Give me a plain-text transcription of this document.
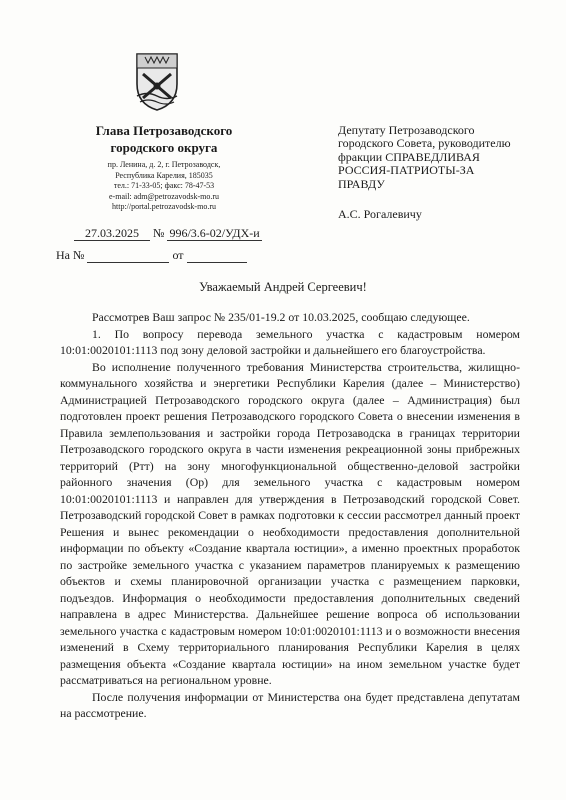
Глава Петрозаводского
городского округа
пр. Ленина, д. 2, г. Петрозаводск,
Республика Карелия, 185035
тел.: 71-33-05; факс: 78-47-53
e-mail: adm@petrozavodsk-mo.ru
http://portal.petrozavodsk-mo.ru
27.03.2025 № 996/3.6-02/УДХ-и
На №	от
Депутату Петрозаводского
городского Совета, руководителю
фракции СПРАВЕДЛИВАЯ
РОССИЯ-ПАТРИОТЫ-ЗА
ПРАВДУ
А.С. Рогалевичу
Уважаемый Андрей Сергеевич!

Рассмотрев Ваш запрос № 235/01-19.2 от 10.03.2025, сообщаю следующее.

1. По вопросу перевода земельного участка с кадастровым номером 10:01:0020101:1113 под зону деловой застройки и дальнейшего его благоустройства.

Во исполнение полученного требования Министерства строительства, жилищно-коммунального хозяйства и энергетики Республики Карелия (далее – Министерство) Администрацией Петрозаводского городского округа (далее – Администрация) был подготовлен проект решения Петрозаводского городского Совета о внесении изменения в Правила землепользования и застройки города Петрозаводска в границах территории Петрозаводского городского округа в части изменения рекреационной зоны прибрежных территорий (Ртт) на зону многофункциональной общественно-деловой застройки районного значения (Ор) для земельного участка с кадастровым номером 10:01:0020101:1113 и направлен для утверждения в Петрозаводский городской Совет. Петрозаводский городской Совет в рамках подготовки к сессии рассмотрел данный проект Решения и вынес рекомендации о необходимости предоставления дополнительной информации по объекту «Создание квартала юстиции», а именно проектных проработок по застройке земельного участка с указанием параметров планируемых к размещению объектов и схемы планировочной организации участка с размещением парковки, подъездов. Информация о необходимости предоставления дополнительных сведений направлена в адрес Министерства. Дальнейшее решение вопроса об использовании земельного участка с кадастровым номером 10:01:0020101:1113 и о возможности внесения изменений в Схему территориального планирования Республики Карелия в целях размещения объекта «Создание квартала юстиции» на ином земельном участке будет рассматриваться на региональном уровне.

После получения информации от Министерства она будет представлена депутатам на рассмотрение.
